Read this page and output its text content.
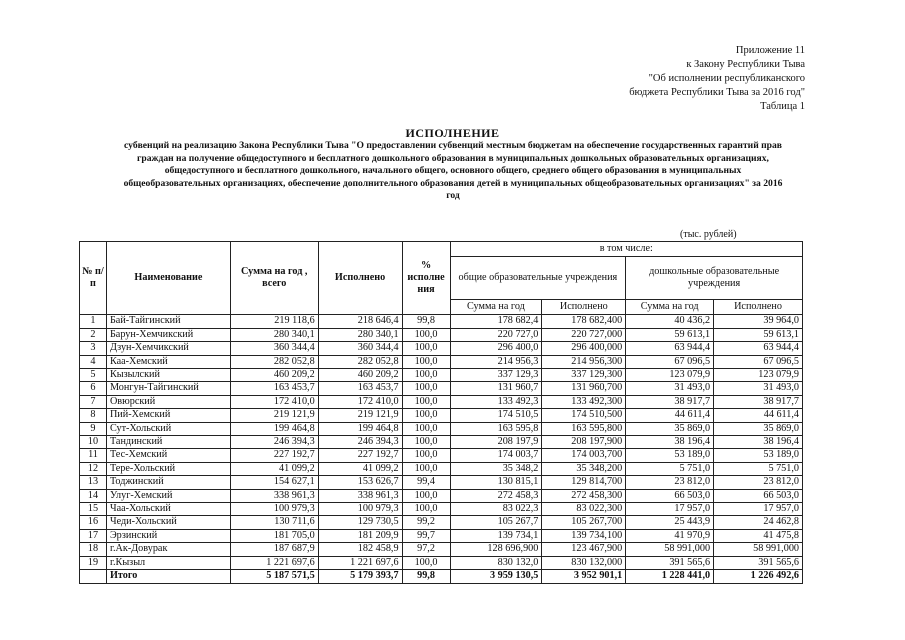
Приложение 11
к Закону Республики Тыва
"Об исполнении республиканского
бюджета Республики Тыва за 2016 год"
Таблица 1
ИСПОЛНЕНИЕ
субвенций на реализацию Закона Республики Тыва "О предоставлении субвенций местным бюджетам на обеспечение государственных гарантий прав
граждан на получение общедоступного и бесплатного дошкольного образования в муниципальных дошкольных образовательных организациях,
общедоступного и бесплатного дошкольного, начального общего, основного общего, среднего общего образования в муниципальных
общеобразовательных организациях, обеспечение дополнительного образования детей в муниципальных общеобразовательных организациях" за 2016
год
(тыс. рублей)
№ п/п	Наименование	Сумма на год , всего	Исполнено	% исполне ния	в том числе:			
					общие образовательные учреждения		дошкольные образовательные учреждения	
					Сумма на год	Исполнено	Сумма на год	Исполнено
1	Бай-Тайгинский	219 118,6	218 646,4	99,8	178 682,4	178 682,400	40 436,2	39 964,0
2	Барун-Хемчикский	280 340,1	280 340,1	100,0	220 727,0	220 727,000	59 613,1	59 613,1
3	Дзун-Хемчикский	360 344,4	360 344,4	100,0	296 400,0	296 400,000	63 944,4	63 944,4
4	Каа-Хемский	282 052,8	282 052,8	100,0	214 956,3	214 956,300	67 096,5	67 096,5
5	Кызылский	460 209,2	460 209,2	100,0	337 129,3	337 129,300	123 079,9	123 079,9
6	Монгун-Тайгинский	163 453,7	163 453,7	100,0	131 960,7	131 960,700	31 493,0	31 493,0
7	Овюрский	172 410,0	172 410,0	100,0	133 492,3	133 492,300	38 917,7	38 917,7
8	Пий-Хемский	219 121,9	219 121,9	100,0	174 510,5	174 510,500	44 611,4	44 611,4
9	Сут-Хольский	199 464,8	199 464,8	100,0	163 595,8	163 595,800	35 869,0	35 869,0
10	Тандинский	246 394,3	246 394,3	100,0	208 197,9	208 197,900	38 196,4	38 196,4
11	Тес-Хемский	227 192,7	227 192,7	100,0	174 003,7	174 003,700	53 189,0	53 189,0
12	Тере-Хольский	41 099,2	41 099,2	100,0	35 348,2	35 348,200	5 751,0	5 751,0
13	Тоджинский	154 627,1	153 626,7	99,4	130 815,1	129 814,700	23 812,0	23 812,0
14	Улуг-Хемский	338 961,3	338 961,3	100,0	272 458,3	272 458,300	66 503,0	66 503,0
15	Чаа-Хольский	100 979,3	100 979,3	100,0	83 022,3	83 022,300	17 957,0	17 957,0
16	Чеди-Хольский	130 711,6	129 730,5	99,2	105 267,7	105 267,700	25 443,9	24 462,8
17	Эрзинский	181 705,0	181 209,9	99,7	139 734,1	139 734,100	41 970,9	41 475,8
18	г.Ак-Довурак	187 687,9	182 458,9	97,2	128 696,900	123 467,900	58 991,000	58 991,000
19	г.Кызыл	1 221 697,6	1 221 697,6	100,0	830 132,0	830 132,000	391 565,6	391 565,6
	Итого	5 187 571,5	5 179 393,7	99,8	3 959 130,5	3 952 901,1	1 228 441,0	1 226 492,6
